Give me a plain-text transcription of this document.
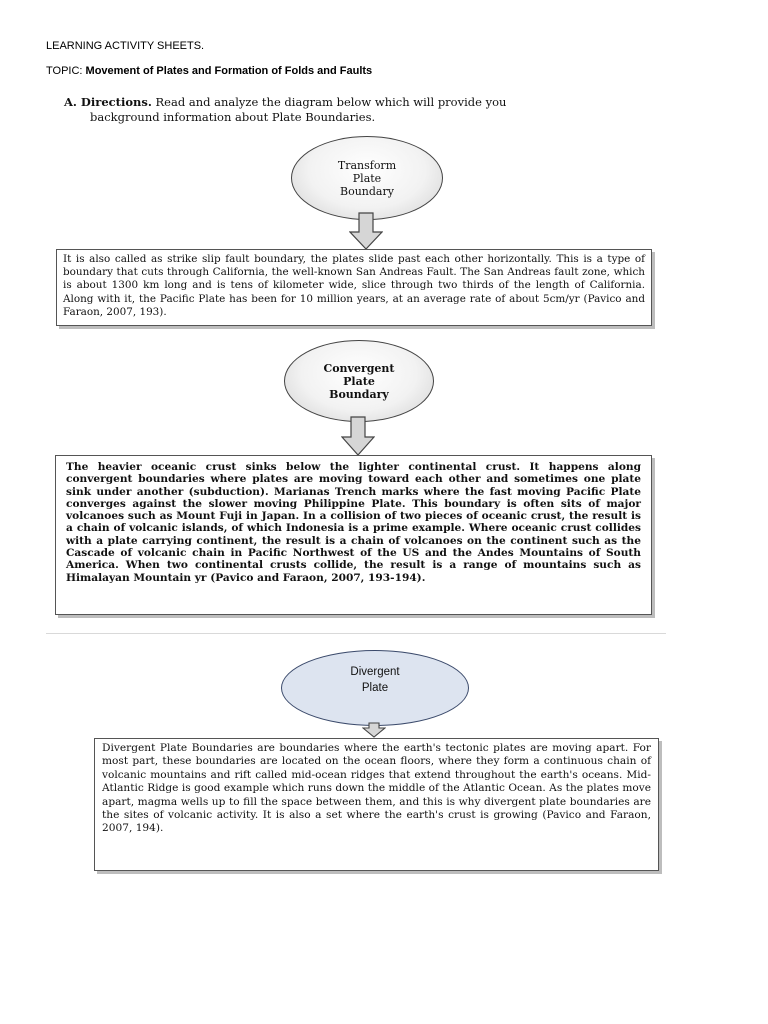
LEARNING ACTIVITY SHEETS.
TOPIC: Movement of Plates and Formation of Folds and Faults
A. Directions. Read and analyze the diagram below which will provide you
background information about Plate Boundaries.
Transform
Plate
Boundary
It is also called as strike slip fault boundary, the plates slide past each other horizontally. This is a type of boundary that cuts through California, the well-known San Andreas Fault. The San Andreas fault zone, which is about 1300 km long and is tens of kilometer wide, slice through two thirds of the length of California. Along with it, the Pacific Plate has been for 10 million years, at an average rate of about 5cm/yr (Pavico and Faraon, 2007, 193).
Convergent
Plate
Boundary
The heavier oceanic crust sinks below the lighter continental crust. It happens along convergent boundaries where plates are moving toward each other and sometimes one plate sink under another (subduction). Marianas Trench marks where the fast moving Pacific Plate converges against the slower moving Philippine Plate. This boundary is often sits of major volcanoes such as Mount Fuji in Japan. In a collision of two pieces of oceanic crust, the result is a chain of volcanic islands, of which Indonesia is a prime example. Where oceanic crust collides with a plate carrying continent, the result is a chain of volcanoes on the continent such as the Cascade of volcanic chain in Pacific Northwest of the US and the Andes Mountains of South America. When two continental crusts collide, the result is a range of mountains such as Himalayan Mountain yr (Pavico and Faraon, 2007, 193-194).
Divergent
Plate
Divergent Plate Boundaries are boundaries where the earth's tectonic plates are moving apart. For most part, these boundaries are located on the ocean floors, where they form a continuous chain of volcanic mountains and rift called mid-ocean ridges that extend throughout the earth's oceans. Mid-Atlantic Ridge is good example which runs down the middle of the Atlantic Ocean. As the plates move apart, magma wells up to fill the space between them, and this is why divergent plate boundaries are the sites of volcanic activity. It is also a set where the earth's crust is growing (Pavico and Faraon, 2007, 194).
